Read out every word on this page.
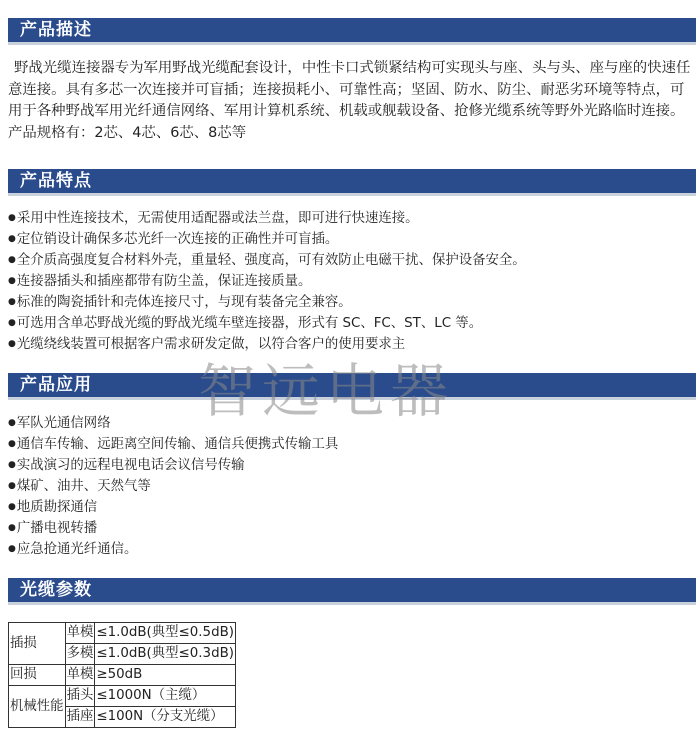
产品描述

野战光缆连接器专为军用野战光缆配套设计，中性卡口式锁紧结构可实现头与座、头与头、座与座的快速任意连接。具有多芯一次连接并可盲插；连接损耗小、可靠性高；坚固、防水、防尘、耐恶劣环境等特点，可用于各种野战军用光纤通信网络、军用计算机系统、机载或舰载设备、抢修光缆系统等野外光路临时连接。产品规格有：2芯、4芯、6芯、8芯等

产品特点
● 采用中性连接技术，无需使用适配器或法兰盘，即可进行快速连接。
● 定位销设计确保多芯光纤一次连接的正确性并可盲插。
● 全介质高强度复合材料外壳，重量轻、强度高，可有效防止电磁干扰、保护设备安全。
● 连接器插头和插座都带有防尘盖，保证连接质量。
● 标准的陶瓷插针和壳体连接尺寸，与现有装备完全兼容。
● 可选用含单芯野战光缆的野战光缆车壁连接器，形式有 SC、FC、ST、LC 等。
● 光缆绕线装置可根据客户需求研发定做，以符合客户的使用要求主
产品应用
● 军队光通信网络
● 通信车传输、远距离空间传输、通信兵便携式传输工具
● 实战演习的远程电视电话会议信号传输
● 煤矿、油井、天然气等
● 地质勘探通信
● 广播电视转播
● 应急抢通光纤通信。
智远电器
光缆参数
插损	单模	≤1.0dB(典型≤0.5dB)
	多模	≤1.0dB(典型≤0.3dB)
回损	单模	≥50dB
机械性能	插头	≤1000N（主缆）
	插座	≤100N（分支光缆）
